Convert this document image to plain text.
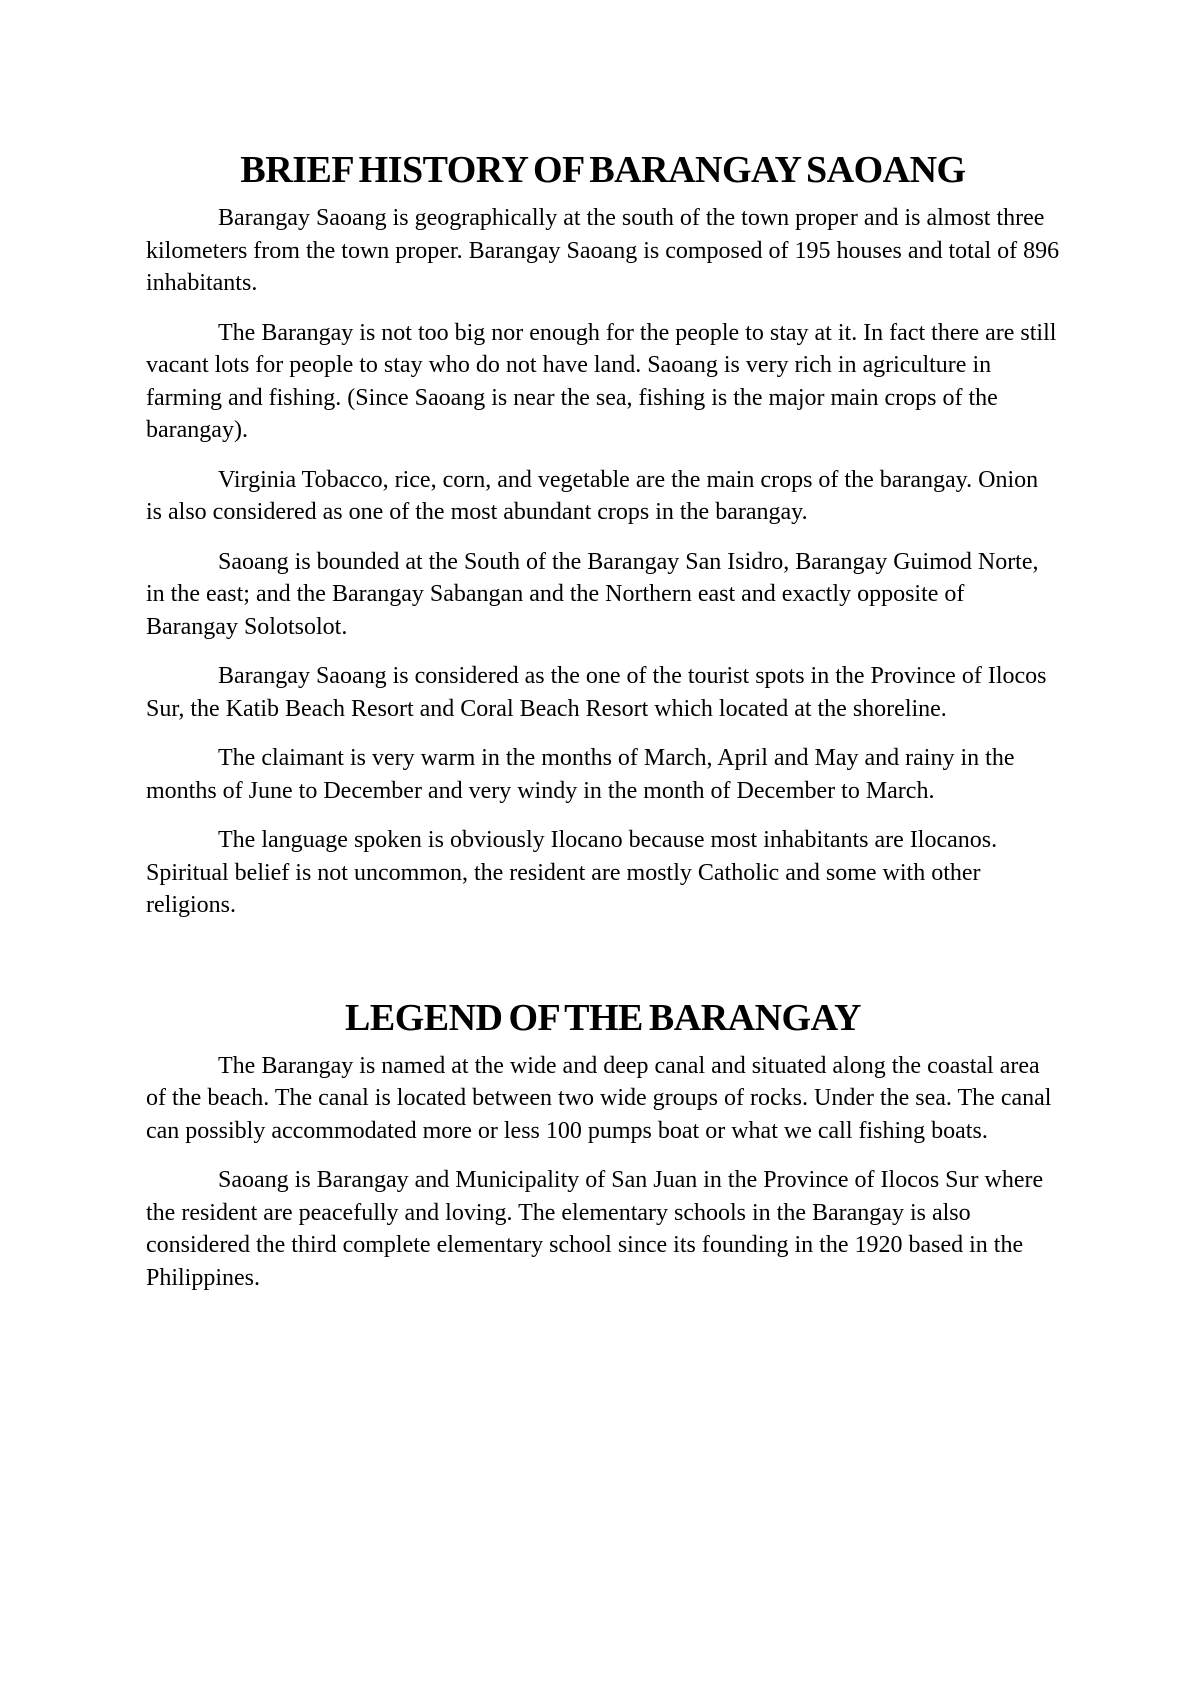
BRIEF HISTORY OF BARANGAY SAOANG

Barangay Saoang is geographically at the south of the town proper and is almost three kilometers from the town proper. Barangay Saoang is composed of 195 houses and total of 896 inhabitants.

The Barangay is not too big nor enough for the people to stay at it. In fact there are still vacant lots for people to stay who do not have land. Saoang is very rich in agriculture in farming and fishing. (Since Saoang is near the sea, fishing is the major main crops of the barangay).

Virginia Tobacco, rice, corn, and vegetable are the main crops of the barangay. Onion is also considered as one of the most abundant crops in the barangay.

Saoang is bounded at the South of the Barangay San Isidro, Barangay Guimod Norte, in the east; and the Barangay Sabangan and the Northern east and exactly opposite of Barangay Solotsolot.

Barangay Saoang is considered as the one of the tourist spots in the Province of Ilocos Sur, the Katib Beach Resort and Coral Beach Resort which located at the shoreline.

The claimant is very warm in the months of March, April and May and rainy in the months of June to December and very windy in the month of December to March.

The language spoken is obviously Ilocano because most inhabitants are Ilocanos. Spiritual belief is not uncommon, the resident are mostly Catholic and some with other religions.

LEGEND OF THE BARANGAY

The Barangay is named at the wide and deep canal and situated along the coastal area of the beach. The canal is located between two wide groups of rocks. Under the sea. The canal can possibly accommodated more or less 100 pumps boat or what we call fishing boats.

Saoang is Barangay and Municipality of San Juan in the Province of Ilocos Sur where the resident are peacefully and loving. The elementary schools in the Barangay is also considered the third complete elementary school since its founding in the 1920 based in the Philippines.
